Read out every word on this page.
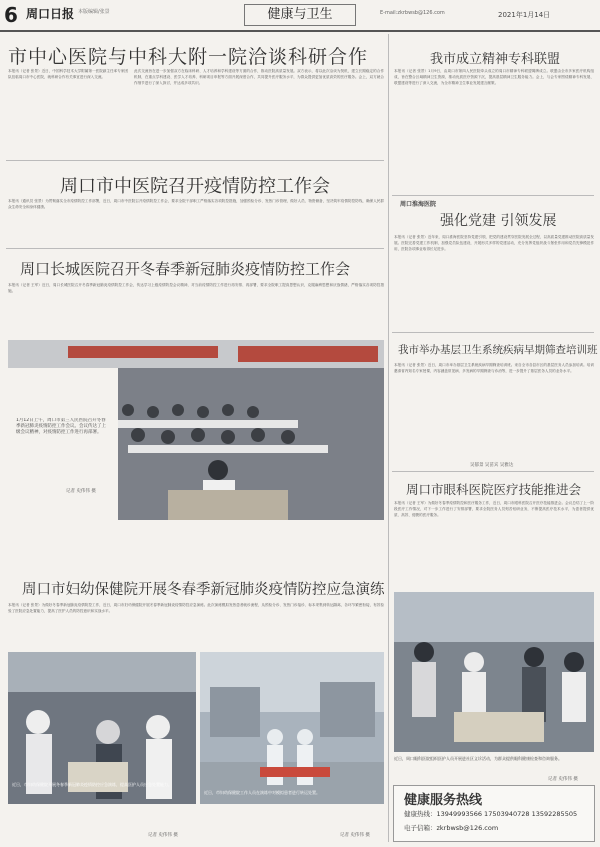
6 周口日报 本版编辑/张景	健康与卫生	E-mail:zkrbwsb@126.com	2021年1月14日
市中心医院与中科大附一院洽谈科研合作
本报讯（记者 张景）近日，中国科学技术大学附属第一医院副主任率专家团队莅临周口市中心医院，就科研合作有关事宜进行深入交流。
此次交流旨在进一步加强双方在临床科研、人才培养和学科建设等方面的合作，推动医院高质量发展。双方表示，将以此次洽谈为契机，建立长期稳定的合作机制，在重点学科建设、医学人才培养、科研项目申报等方面开展深度合作，共同提升医疗服务水平，为群众提供更加优质高效的医疗服务。会上，双方就合作细节进行了深入探讨，并达成多项共识。
周口市中医院召开疫情防控工作会
本报讯（通讯员 张景）为贯彻落实全市疫情防控工作部署，近日，周口市中医院召开疫情防控工作会，要求全院干部职工严格落实各项防控措施，加强预检分诊、发热门诊管理，做好人员、物资储备，坚决筑牢疫情防控防线，确保人民群众生命安全和身体健康。
周口长城医院召开冬春季新冠肺炎疫情防控工作会
本报讯（记者 王军）近日，周口长城医院召开冬春季新冠肺炎疫情防控工作会，传达学习上级疫情防控会议精神，对当前疫情防控工作进行再安排、再部署，要求全院职工提高思想认识，克服麻痹思想和厌战情绪，严格落实各项防控措施。
1月12日上午，周口市第三人民医院召开冬春季新冠肺炎疫情防控工作会议。会议传达了上级会议精神，对疫情防控工作进行再部署。
记者 史伟伟 摄
周口市妇幼保健院开展冬春季新冠肺炎疫情防控应急演练
本报讯（记者 张景）为做好冬春季新冠肺炎疫情防控工作，近日，周口市妇幼保健院开展冬春季新冠肺炎疫情防控应急演练。此次演练模拟发热患者就诊流程，从预检分诊、发热门诊接诊、标本采集到转运隔离，各环节紧密衔接，有效检验了医院应急处置能力，提高了医护人员的防控意识和实战水平。
近日，市妇幼保健院开展冬春季新冠肺炎疫情防控应急演练，提高医护人员应急处置能力。
记者 史伟伟 摄
近日，市妇幼保健院工作人员在演练中对模拟患者进行转运处置。
记者 史伟伟 摄
我市成立精神专科联盟
本报讯（记者 张景）1月9日，由周口市第四人民医院牵头成立的周口市精神专科联盟揭牌成立。联盟由全市多家医疗机构组成，旨在整合区域精神卫生资源，推动优质医疗资源下沉，提高基层精神卫生服务能力。会上，与会专家围绕精神专科发展、联盟建设等进行了深入交流，为全市精神卫生事业发展建言献策。
周口淮海医院
强化党建 引领发展
本报讯（记者 张景）近年来，周口淮海医院坚持党建引领，把党的建设贯穿医院发展全过程，以高质量党建推动医院高质量发展。医院完善党建工作机制，加强党员队伍建设，开展形式多样的党建活动，充分发挥党组织战斗堡垒作用和党员先锋模范作用，医院各项事业取得长足进步。
我市举办基层卫生系统疾病早期筛查培训班
本报讯（记者 张景）近日，周口市举办基层卫生系统疾病早期筛查培训班。来自全市各县市区的基层医务人员参加培训。培训邀请省内知名专家授课，内容涵盖常见病、多发病的早期筛查与诊治等，进一步提升了基层医务人员的业务水平。
吴郁景 吴苗宾 吴雅达
周口市眼科医院医疗技能推进会
本报讯（记者 王军）为做好冬春季疫情防控和医疗服务工作，近日，周口市眼科医院召开医疗技能推进会。会议总结了上一阶段医疗工作情况，对下一步工作进行了安排部署，要求全院医务人员刻苦钻研业务，不断提高医疗技术水平，为患者提供优质、高效、便捷的医疗服务。
近日，周口眼科医院组织医护人员开展进社区义诊活动，为群众提供眼科健康检查和咨询服务。
记者 史伟伟 摄
健康服务热线
健康热线：13949993566 17503940728 13592285505
电子信箱：zkrbwsb@126.com
